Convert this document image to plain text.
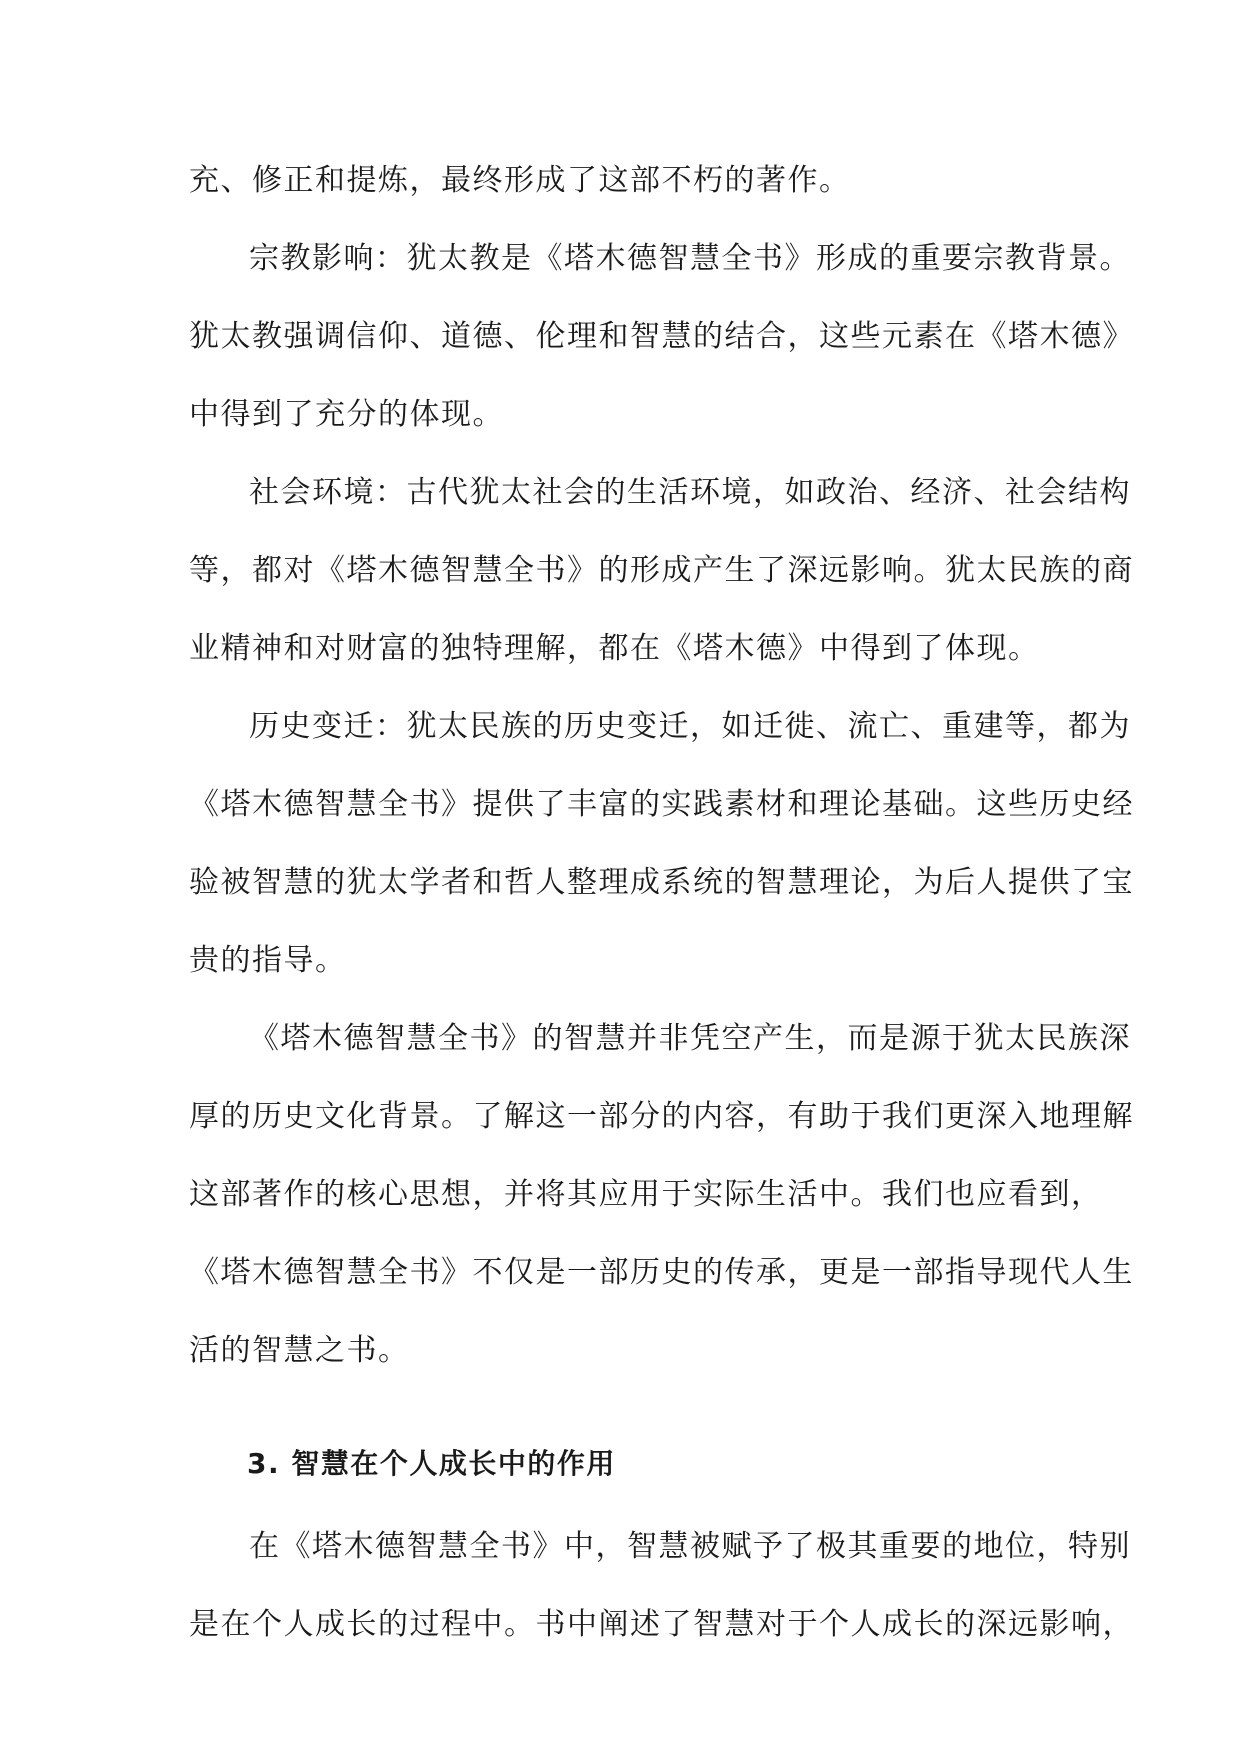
充、修正和提炼，最终形成了这部不朽的著作。

宗教影响：犹太教是《塔木德智慧全书》形成的重要宗教背景。

犹太教强调信仰、道德、伦理和智慧的结合，这些元素在《塔木德》

中得到了充分的体现。

社会环境：古代犹太社会的生活环境，如政治、经济、社会结构

等，都对《塔木德智慧全书》的形成产生了深远影响。犹太民族的商

业精神和对财富的独特理解，都在《塔木德》中得到了体现。

历史变迁：犹太民族的历史变迁，如迁徙、流亡、重建等，都为

《塔木德智慧全书》提供了丰富的实践素材和理论基础。这些历史经

验被智慧的犹太学者和哲人整理成系统的智慧理论，为后人提供了宝

贵的指导。

《塔木德智慧全书》的智慧并非凭空产生，而是源于犹太民族深

厚的历史文化背景。了解这一部分的内容，有助于我们更深入地理解

这部著作的核心思想，并将其应用于实际生活中。我们也应看到，

《塔木德智慧全书》不仅是一部历史的传承，更是一部指导现代人生

活的智慧之书。

3. 智慧在个人成长中的作用

在《塔木德智慧全书》中，智慧被赋予了极其重要的地位，特别

是在个人成长的过程中。书中阐述了智慧对于个人成长的深远影响，
